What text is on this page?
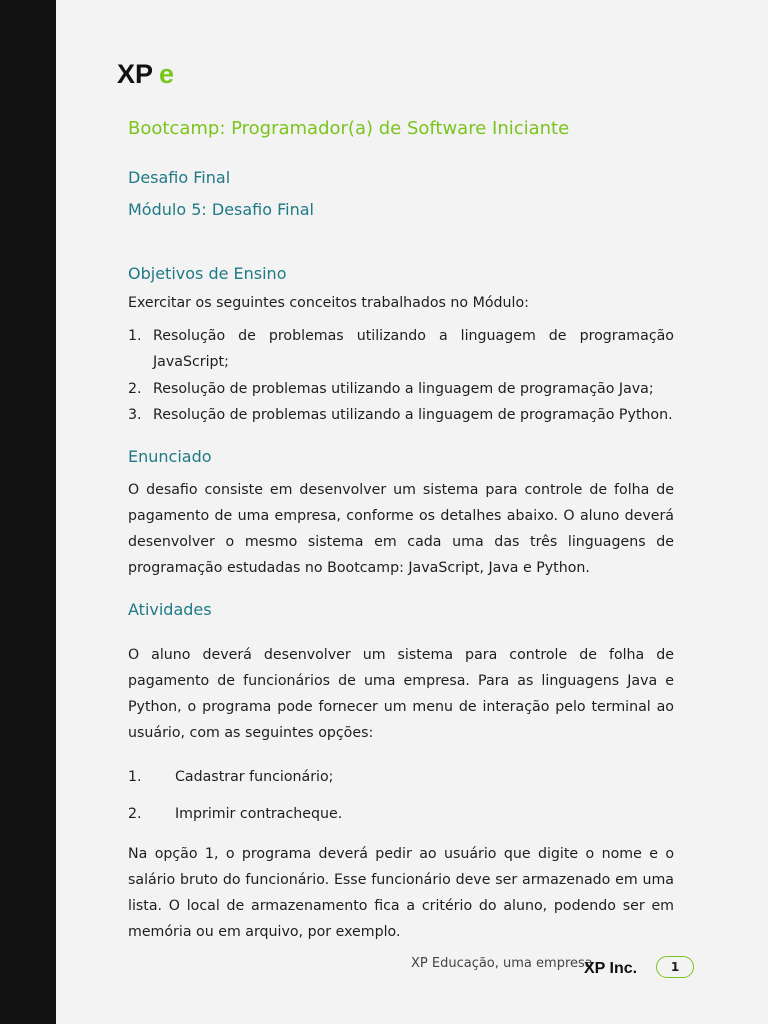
XP e
Bootcamp: Programador(a) de Software Iniciante
Desafio Final
Módulo 5: Desafio Final
Objetivos de Ensino
Exercitar os seguintes conceitos trabalhados no Módulo:
1. Resolução de problemas utilizando a linguagem de programação JavaScript;
2. Resolução de problemas utilizando a linguagem de programação Java;
3. Resolução de problemas utilizando a linguagem de programação Python.
Enunciado
O desafio consiste em desenvolver um sistema para controle de folha de pagamento de uma empresa, conforme os detalhes abaixo. O aluno deverá desenvolver o mesmo sistema em cada uma das três linguagens de programação estudadas no Bootcamp: JavaScript, Java e Python.
Atividades
O aluno deverá desenvolver um sistema para controle de folha de pagamento de funcionários de uma empresa. Para as linguagens Java e Python, o programa pode fornecer um menu de interação pelo terminal ao usuário, com as seguintes opções:
1. Cadastrar funcionário;
2. Imprimir contracheque.
Na opção 1, o programa deverá pedir ao usuário que digite o nome e o salário bruto do funcionário. Esse funcionário deve ser armazenado em uma lista. O local de armazenamento fica a critério do aluno, podendo ser em memória ou em arquivo, por exemplo.
XP Educação, uma empresa
XP Inc.	1
